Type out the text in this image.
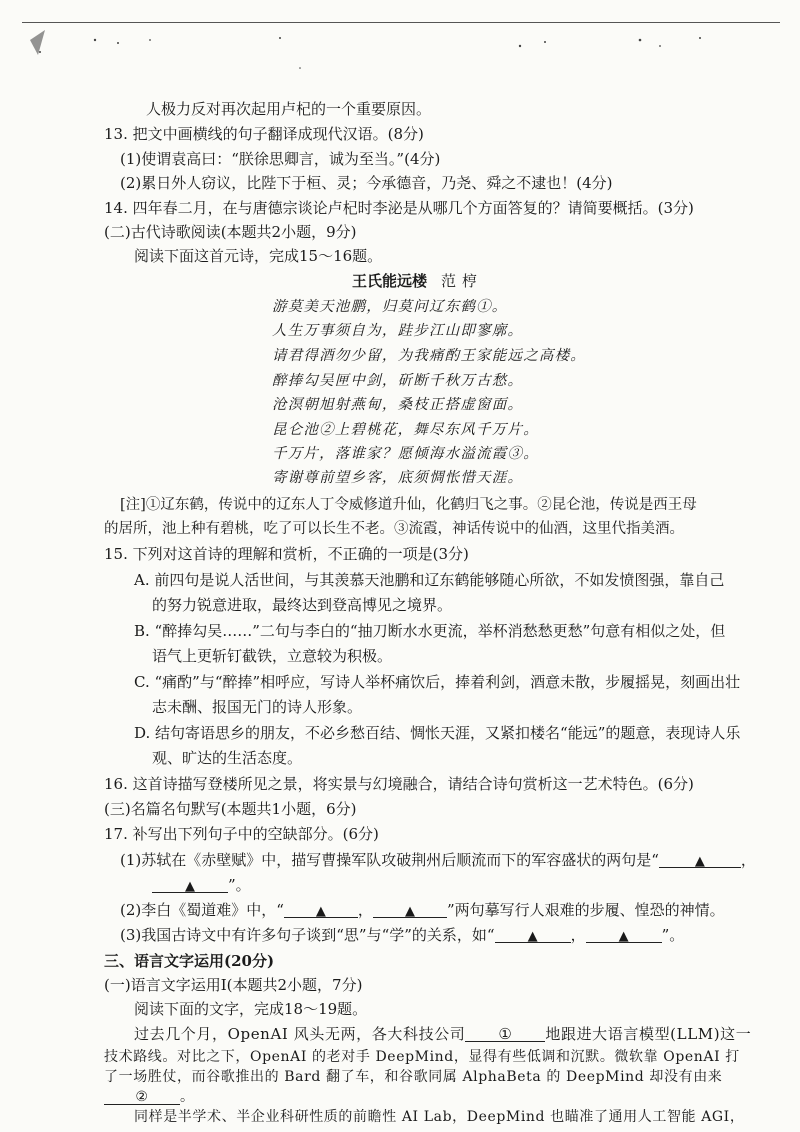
人极力反对再次起用卢杞的一个重要原因。
13. 把文中画横线的句子翻译成现代汉语。(8分)
(1)使谓袁高曰：“朕徐思卿言，诚为至当。”(4分)
(2)累日外人窃议，比陛下于桓、灵；今承德音，乃尧、舜之不逮也！(4分)
14. 四年春二月，在与唐德宗谈论卢杞时李泌是从哪几个方面答复的？请简要概括。(3分)
(二)古代诗歌阅读(本题共2小题，9分)
阅读下面这首元诗，完成15～16题。
王氏能远楼 范梈
游莫美天池鹏，归莫问辽东鹤①。
人生万事须自为，跬步江山即寥廓。
请君得酒勿少留，为我痛酌王家能远之高楼。
醉捧勾吴匣中剑，斫断千秋万古愁。
沧溟朝旭射燕甸，桑枝正搭虚窗面。
昆仑池②上碧桃花，舞尽东风千万片。
千万片，落谁家？愿倾海水溢流霞③。
寄谢尊前望乡客，底须惆怅惜天涯。
[注]①辽东鹤，传说中的辽东人丁令威修道升仙，化鹤归飞之事。②昆仑池，传说是西王母
的居所，池上种有碧桃，吃了可以长生不老。③流霞，神话传说中的仙酒，这里代指美酒。
15. 下列对这首诗的理解和赏析，不正确的一项是(3分)
A. 前四句是说人活世间，与其羡慕天池鹏和辽东鹤能够随心所欲，不如发愤图强，靠自己
的努力锐意进取，最终达到登高博见之境界。
B. “醉捧勾吴……”二句与李白的“抽刀断水水更流，举杯消愁愁更愁”句意有相似之处，但
语气上更斩钉截铁，立意较为积极。
C. “痛酌”与“醉捧”相呼应，写诗人举杯痛饮后，捧着利剑，酒意未散，步履摇晃，刻画出壮
志未酬、报国无门的诗人形象。
D. 结句寄语思乡的朋友，不必乡愁百结、惆怅天涯，又紧扣楼名“能远”的题意，表现诗人乐
观、旷达的生活态度。
16. 这首诗描写登楼所见之景，将实景与幻境融合，请结合诗句赏析这一艺术特色。(6分)
(三)名篇名句默写(本题共1小题，6分)
17. 补写出下列句子中的空缺部分。(6分)
(1)苏轼在《赤壁赋》中，描写曹操军队攻破荆州后顺流而下的军容盛状的两句是“	▲ ，
▲ ”。
(2)李白《蜀道难》中，“ ▲ ， ▲ ”两句摹写行人艰难的步履、惶恐的神情。
(3)我国古诗文中有许多句子谈到“思”与“学”的关系，如“	▲ ，	▲ ”。
三、语言文字运用(20分)
(一)语言文字运用Ⅰ(本题共2小题，7分)
阅读下面的文字，完成18～19题。
过去几个月，OpenAI 风头无两，各大科技公司 ① 地跟进大语言模型(LLM)这一
技术路线。对比之下，OpenAI 的老对手 DeepMind，显得有些低调和沉默。微软靠 OpenAI 打
了一场胜仗，而谷歌推出的 Bard 翻了车，和谷歌同属 AlphaBeta 的 DeepMind 却没有由来
② 。
同样是半学术、半企业科研性质的前瞻性 AI Lab，DeepMind 也瞄准了通用人工智能 AGI，
